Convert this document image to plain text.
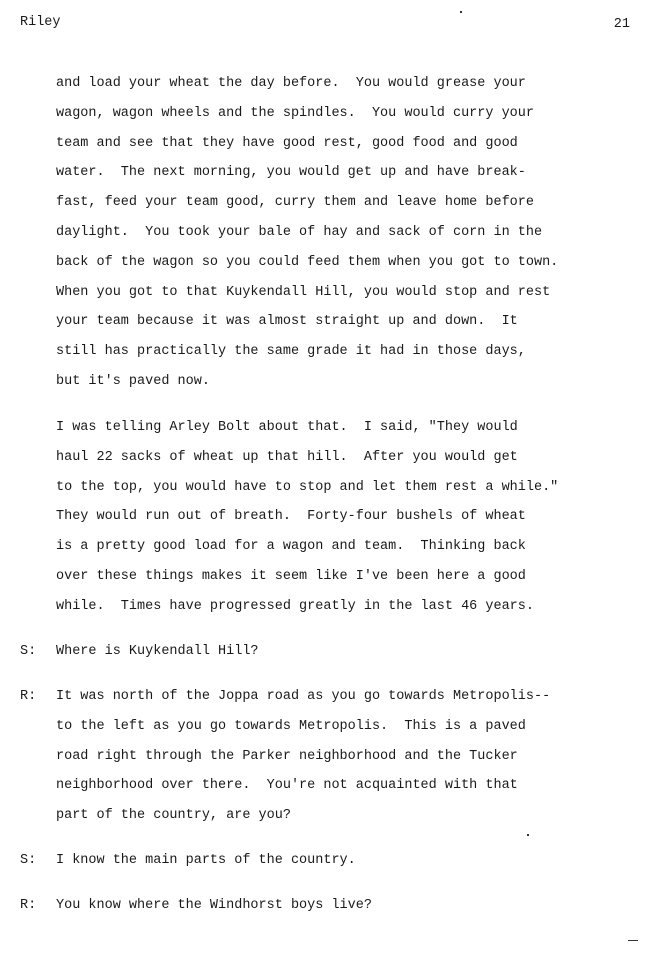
Riley	21
and load your wheat the day before.  You would grease your
wagon, wagon wheels and the spindles.  You would curry your
team and see that they have good rest, good food and good
water.  The next morning, you would get up and have break-
fast, feed your team good, curry them and leave home before
daylight.  You took your bale of hay and sack of corn in the
back of the wagon so you could feed them when you got to town.
When you got to that Kuykendall Hill, you would stop and rest
your team because it was almost straight up and down.  It
still has practically the same grade it had in those days,
but it's paved now.
I was telling Arley Bolt about that.  I said, "They would
haul 22 sacks of wheat up that hill.  After you would get
to the top, you would have to stop and let them rest a while."
They would run out of breath.  Forty-four bushels of wheat
is a pretty good load for a wagon and team.  Thinking back
over these things makes it seem like I've been here a good
while.  Times have progressed greatly in the last 46 years.
S: Where is Kuykendall Hill?
R: It was north of the Joppa road as you go towards Metropolis--
to the left as you go towards Metropolis.  This is a paved
road right through the Parker neighborhood and the Tucker
neighborhood over there.  You're not acquainted with that
part of the country, are you?
S: I know the main parts of the country.
R: You know where the Windhorst boys live?
